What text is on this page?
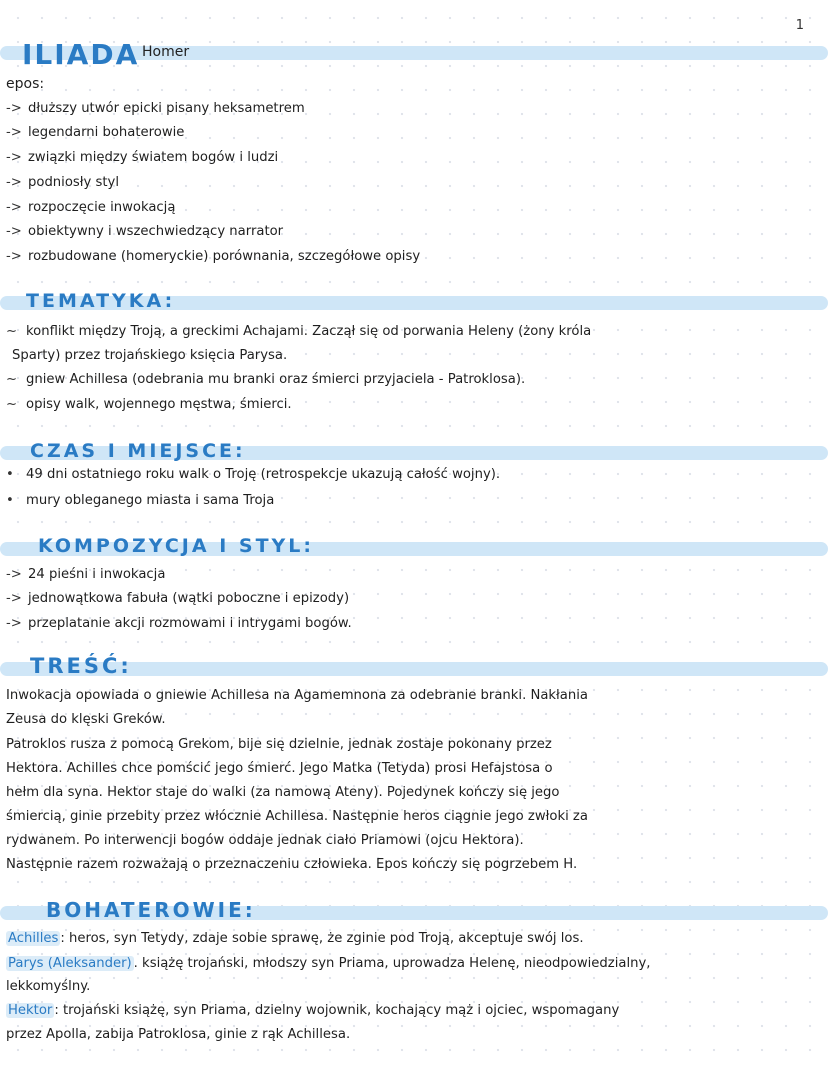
1
ILIADA Homer
epos:
-> dłuższy utwór epicki pisany heksametrem
-> legendarni bohaterowie
-> związki między światem bogów i ludzi
-> podniosły styl
-> rozpoczęcie inwokacją
-> obiektywny i wszechwiedzący narrator
-> rozbudowane (homeryckie) porównania, szczegółowe opisy
TEMATYKA:
~ konflikt między Troją, a greckimi Achajami. Zaczął się od porwania Heleny (żony króla
Sparty) przez trojańskiego księcia Parysa.
~ gniew Achillesa (odebrania mu branki oraz śmierci przyjaciela - Patroklosa).
~ opisy walk, wojennego męstwa, śmierci.
CZAS I MIEJSCE:
• 49 dni ostatniego roku walk o Troję (retrospekcje ukazują całość wojny).
• mury obleganego miasta i sama Troja
KOMPOZYCJA I STYL:
-> 24 pieśni i inwokacja
-> jednowątkowa fabuła (wątki poboczne i epizody)
-> przeplatanie akcji rozmowami i intrygami bogów.
TREŚĆ:
Inwokacja opowiada o gniewie Achillesa na Agamemnona za odebranie branki. Nakłania
Zeusa do klęski Greków.
Patroklos rusza z pomocą Grekom, bije się dzielnie, jednak zostaje pokonany przez
Hektora. Achilles chce pomścić jego śmierć. Jego Matka (Tetyda) prosi Hefajstosa o
hełm dla syna. Hektor staje do walki (za namową Ateny). Pojedynek kończy się jego
śmiercią, ginie przebity przez włócznie Achillesa. Następnie heros ciągnie jego zwłoki za
rydwanem. Po interwencji bogów oddaje jednak ciało Priamowi (ojcu Hektora).
Następnie razem rozważają o przeznaczeniu człowieka. Epos kończy się pogrzebem H.
BOHATEROWIE:
Achilles : heros, syn Tetydy, zdaje sobie sprawę, że zginie pod Troją, akceptuje swój los.
Parys (Aleksander) . książę trojański, młodszy syn Priama, uprowadza Helenę, nieodpowiedzialny,
lekkomyślny.
Hektor : trojański książę, syn Priama, dzielny wojownik, kochający mąż i ojciec, wspomagany
przez Apolla, zabija Patroklosa, ginie z rąk Achillesa.
